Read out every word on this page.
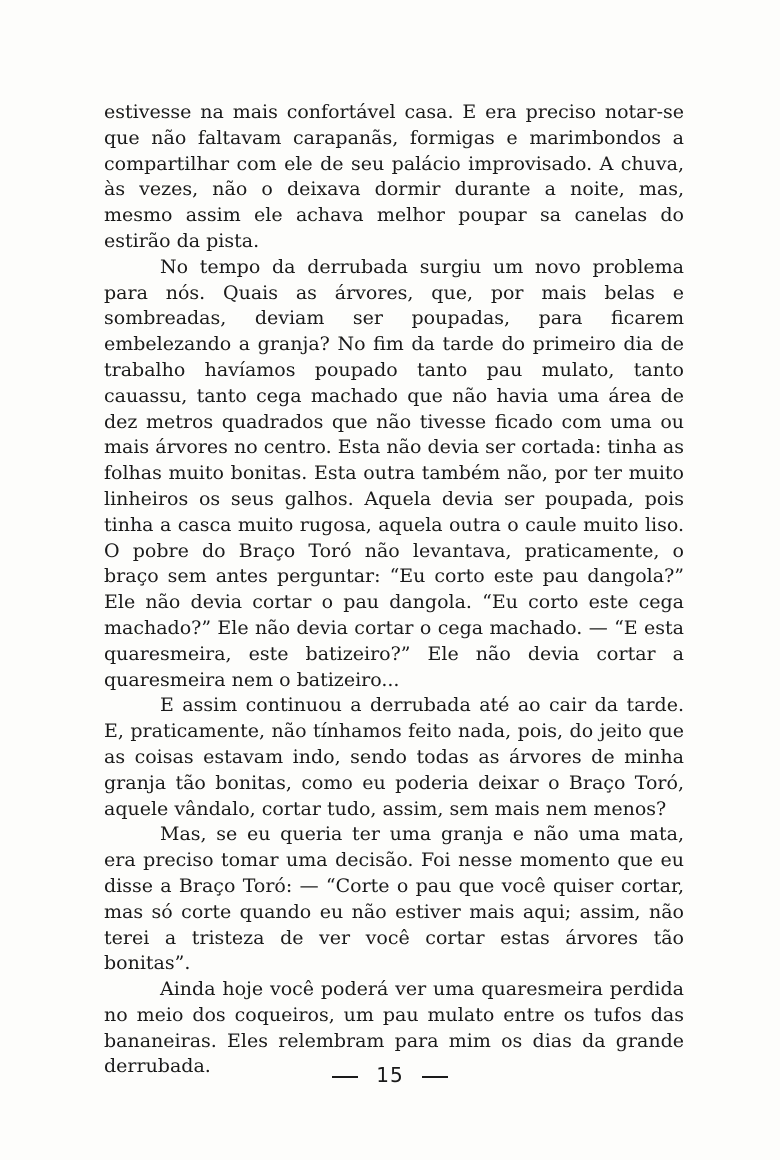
estivesse na mais confortável casa. E era preciso notar-se que não faltavam carapanãs, formigas e marimbondos a compartilhar com ele de seu palácio improvisado. A chuva, às vezes, não o deixava dormir durante a noite, mas, mesmo assim ele achava melhor poupar sa canelas do estirão da pista.

No tempo da derrubada surgiu um novo problema para nós. Quais as árvores, que, por mais belas e sombreadas, deviam ser poupadas, para ficarem embelezando a granja? No fim da tarde do primeiro dia de trabalho havíamos poupado tanto pau mulato, tanto cauassu, tanto cega machado que não havia uma área de dez metros quadrados que não tivesse ficado com uma ou mais árvores no centro. Esta não devia ser cortada: tinha as folhas muito bonitas. Esta outra também não, por ter muito linheiros os seus galhos. Aquela devia ser poupada, pois tinha a casca muito rugosa, aquela outra o caule muito liso. O pobre do Braço Toró não levantava, praticamente, o braço sem antes perguntar: “Eu corto este pau dangola?” Ele não devia cortar o pau dangola. “Eu corto este cega machado?” Ele não devia cortar o cega machado. — “E esta quaresmeira, este batizeiro?” Ele não devia cortar a quaresmeira nem o batizeiro...

E assim continuou a derrubada até ao cair da tarde. E, praticamente, não tínhamos feito nada, pois, do jeito que as coisas estavam indo, sendo todas as árvores de minha granja tão bonitas, como eu poderia deixar o Braço Toró, aquele vândalo, cortar tudo, assim, sem mais nem menos?

Mas, se eu queria ter uma granja e não uma mata, era preciso tomar uma decisão. Foi nesse momento que eu disse a Braço Toró: — “Corte o pau que você quiser cortar, mas só corte quando eu não estiver mais aqui; assim, não terei a tristeza de ver você cortar estas árvores tão bonitas”.

Ainda hoje você poderá ver uma quaresmeira perdida no meio dos coqueiros, um pau mulato entre os tufos das bananeiras. Eles relembram para mim os dias da grande derrubada.	15
